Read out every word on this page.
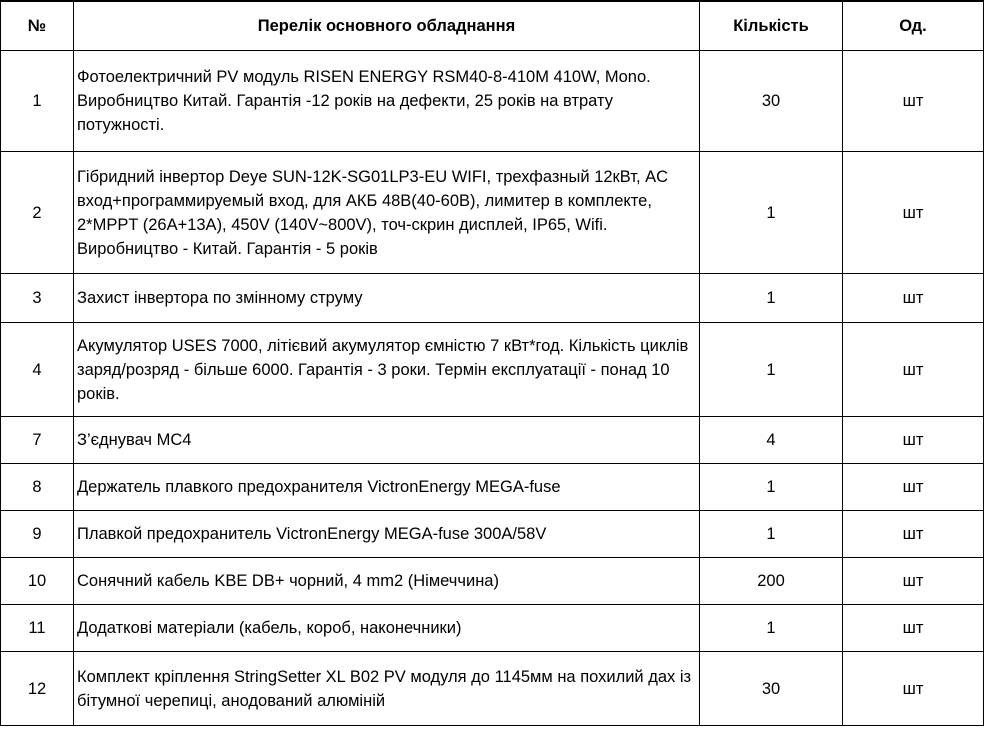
№	Перелік основного обладнання	Кількість	Од.
1	Фотоелектричний PV модуль RISEN ENERGY RSM40-8-410M 410W, Mono. Виробництво Китай. Гарантія -12 років на дефекти, 25 років на втрату потужності.	30	шт
2	Гібридний інвертор Deye SUN-12K-SG01LP3-EU WIFI, трехфазный 12кВт, AC вход+программируемый вход, для АКБ 48В(40-60В), лимитер в комплекте, 2*MPPT (26A+13A), 450V (140V~800V), точ-скрин дисплей, IP65, Wifi. Виробництво - Китай. Гарантія - 5 років	1	шт
3	Захист інвертора по змінному струму	1	шт
4	Акумулятор USES 7000, літієвий акумулятор ємністю 7 кВт*год. Кількість циклів заряд/розряд - більше 6000. Гарантія - 3 роки. Термін експлуатації - понад 10 років.	1	шт
7	З’єднувач МС4	4	шт
8	Держатель плавкого предохранителя VictronEnergy MEGA-fuse	1	шт
9	Плавкой предохранитель VictronEnergy MEGA-fuse 300A/58V	1	шт
10	Сонячний кабель KBE DB+ чорний, 4 mm2 (Німеччина)	200	шт
11	Додаткові матеріали (кабель, короб, наконечники)	1	шт
12	Комплект кріплення StringSetter XL B02 PV модуля до 1145мм на похилий дах із бітумної черепиці, анодований алюміній	30	шт
